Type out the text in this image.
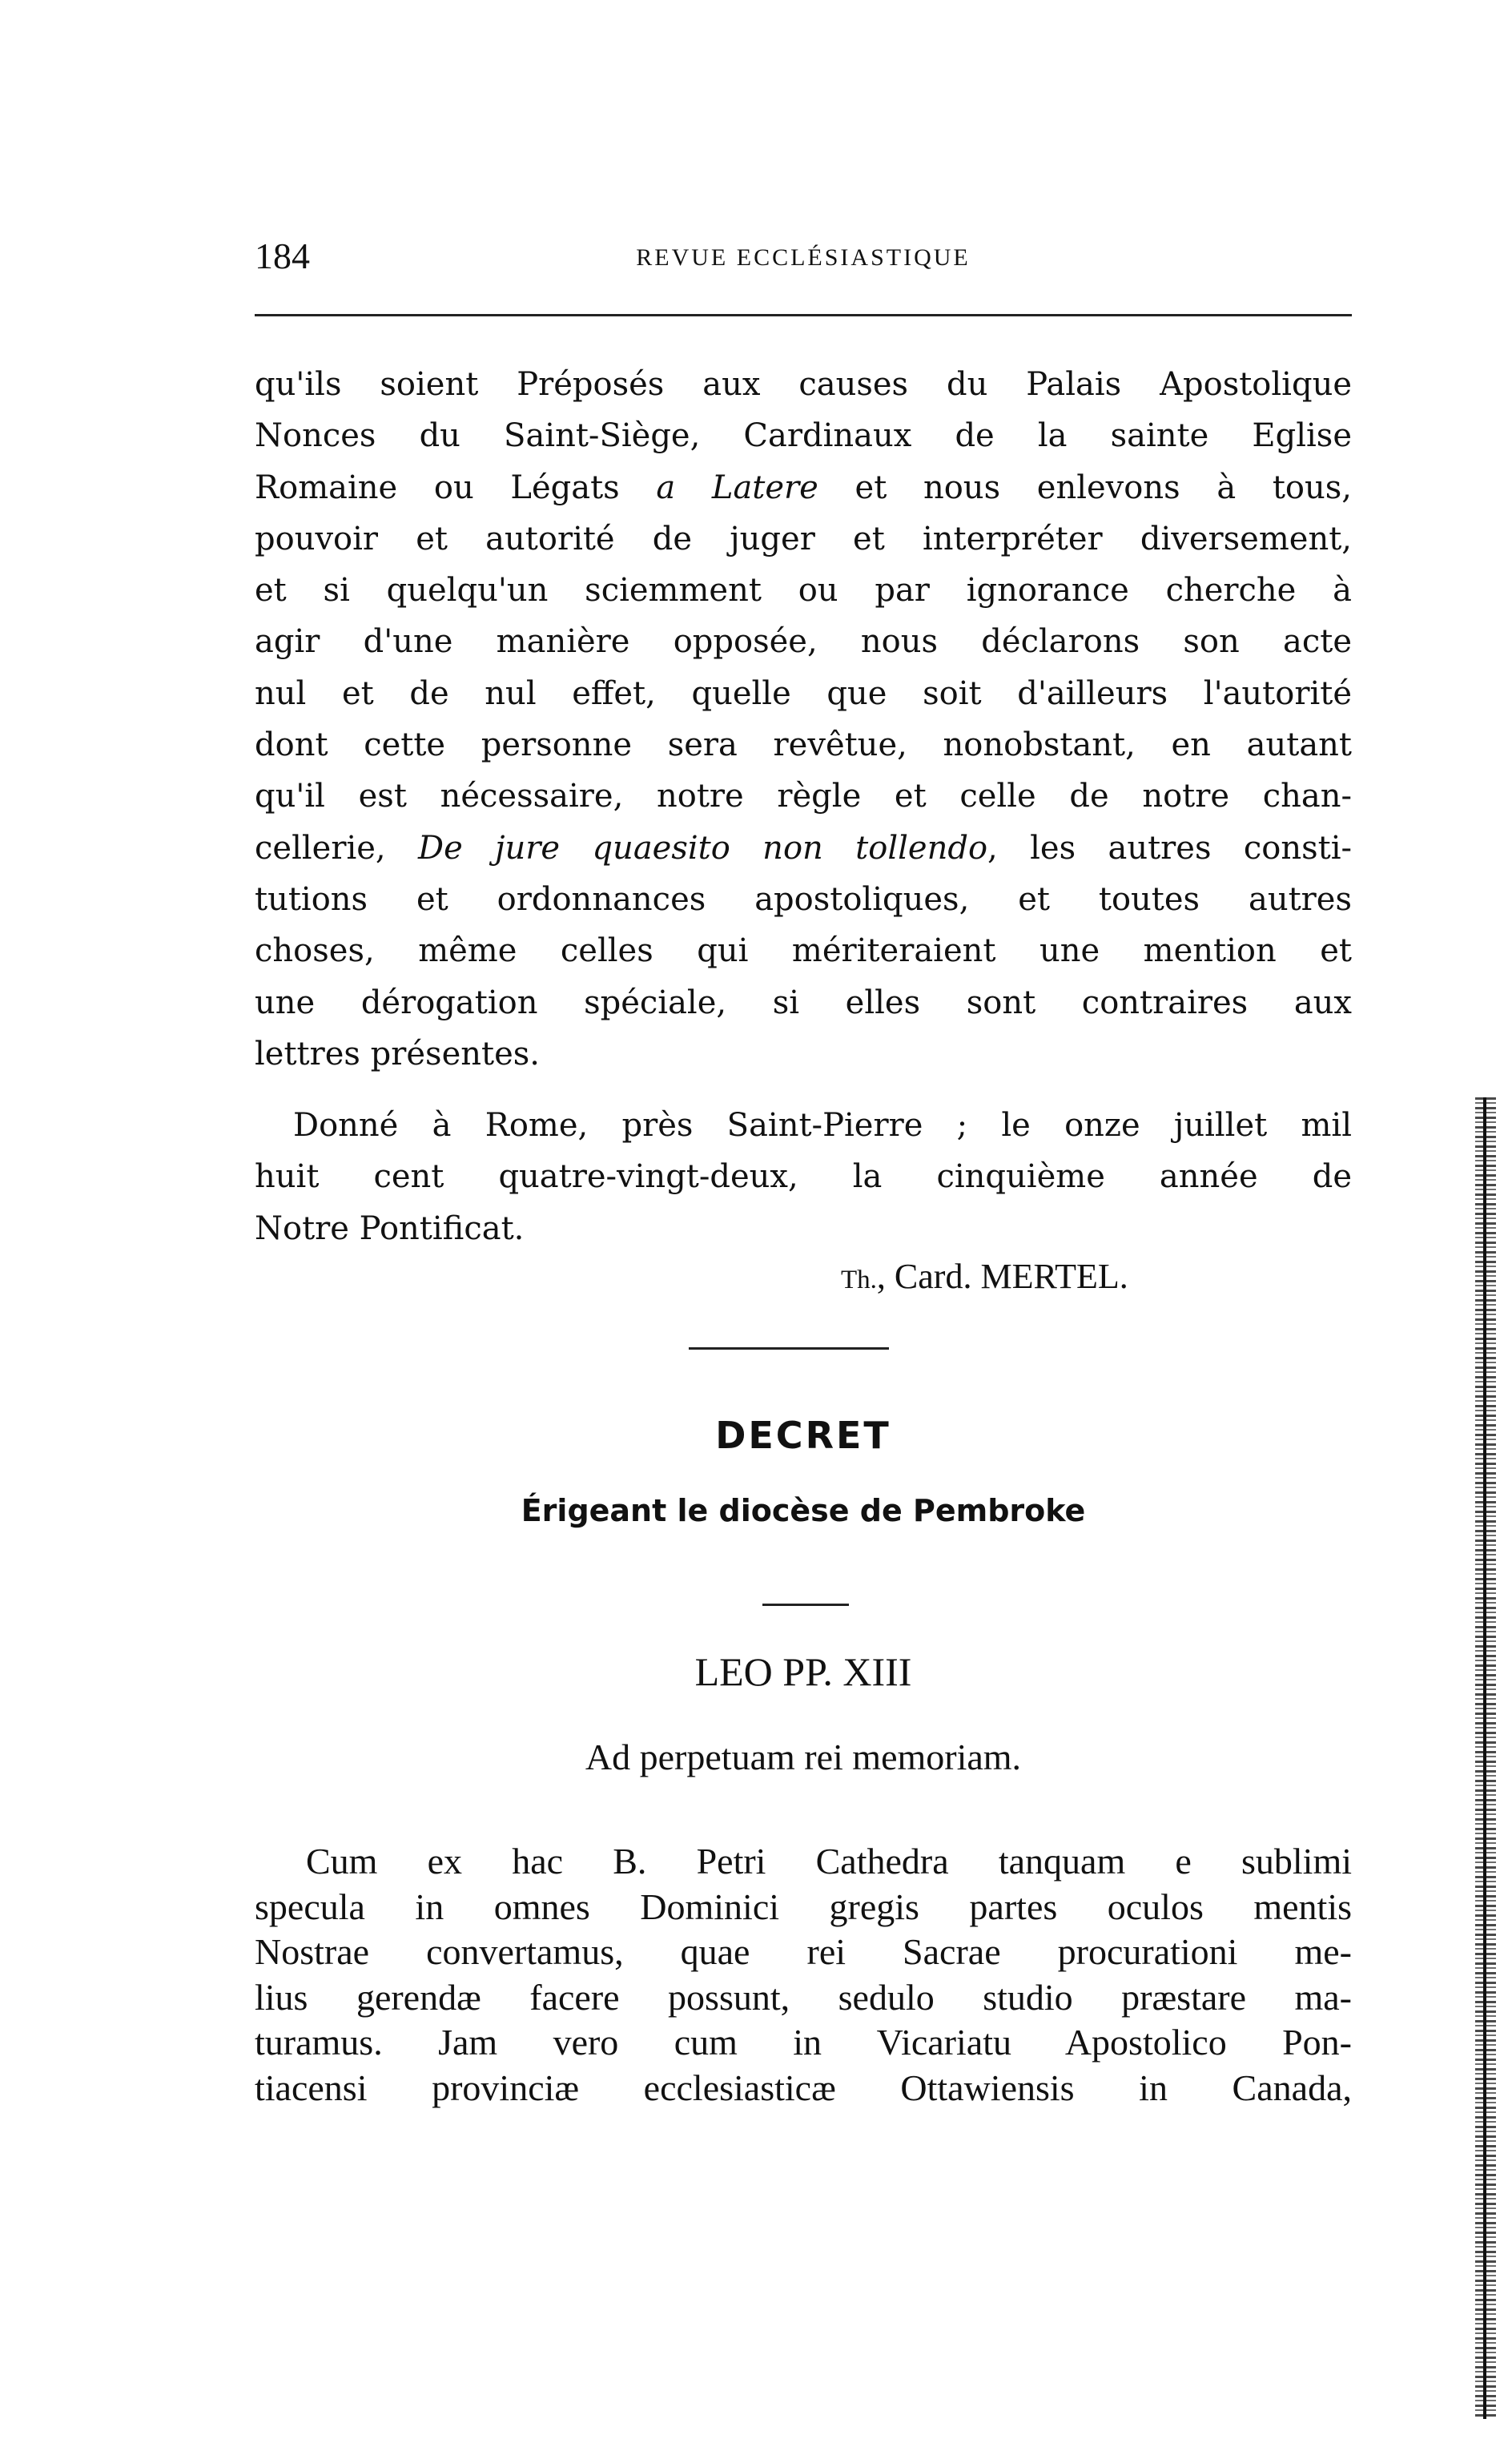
184	REVUE ECCLÉSIASTIQUE
qu'ils soient Préposés aux causes du Palais Apostolique
Nonces du Saint-Siège, Cardinaux de la sainte Eglise
Romaine ou Légats a Latere et nous enlevons à tous,
pouvoir et autorité de juger et interpréter diversement,
et si quelqu'un sciemment ou par ignorance cherche à
agir d'une manière opposée, nous déclarons son acte
nul et de nul effet, quelle que soit d'ailleurs l'autorité
dont cette personne sera revêtue, nonobstant, en autant
qu'il est nécessaire, notre règle et celle de notre chan-
cellerie, De jure quaesito non tollendo, les autres consti-
tutions et ordonnances apostoliques, et toutes autres
choses, même celles qui mériteraient une mention et
une dérogation spéciale, si elles sont contraires aux
lettres présentes.
Donné à Rome, près Saint-Pierre ; le onze juillet mil
huit cent quatre-vingt-deux, la cinquième année de
Notre Pontificat.
Th., Card. MERTEL.
DECRET
Érigeant le diocèse de Pembroke
LEO PP. XIII
Ad perpetuam rei memoriam.
Cum ex hac B. Petri Cathedra tanquam e sublimi
specula in omnes Dominici gregis partes oculos mentis
Nostrae convertamus, quae rei Sacrae procurationi me-
lius gerendæ facere possunt, sedulo studio præstare ma-
turamus. Jam vero cum in Vicariatu Apostolico Pon-
tiacensi provinciæ ecclesiasticæ Ottawiensis in Canada,
